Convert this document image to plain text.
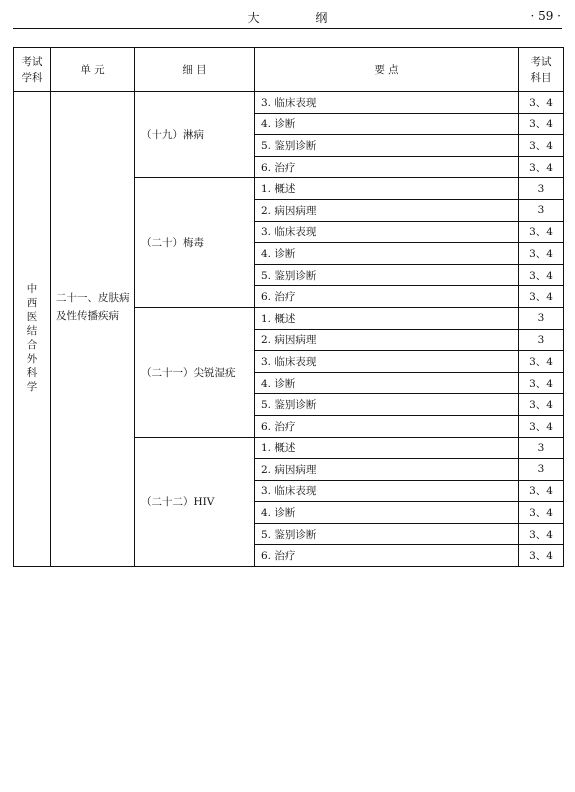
大 纲	· 59 ·
考试学科	单 元	细 目	要 点	考试科目
中西医结合外科学	二十一、皮肤病及性传播疾病	（十九）淋病	3. 临床表现	3、4
			4. 诊断	3、4
			5. 鉴别诊断	3、4
			6. 治疗	3、4
		（二十）梅毒	1. 概述	3
			2. 病因病理	3
			3. 临床表现	3、4
			4. 诊断	3、4
			5. 鉴别诊断	3、4
			6. 治疗	3、4
		（二十一）尖锐湿疣	1. 概述	3
			2. 病因病理	3
			3. 临床表现	3、4
			4. 诊断	3、4
			5. 鉴别诊断	3、4
			6. 治疗	3、4
		（二十二）HIV	1. 概述	3
			2. 病因病理	3
			3. 临床表现	3、4
			4. 诊断	3、4
			5. 鉴别诊断	3、4
			6. 治疗	3、4
